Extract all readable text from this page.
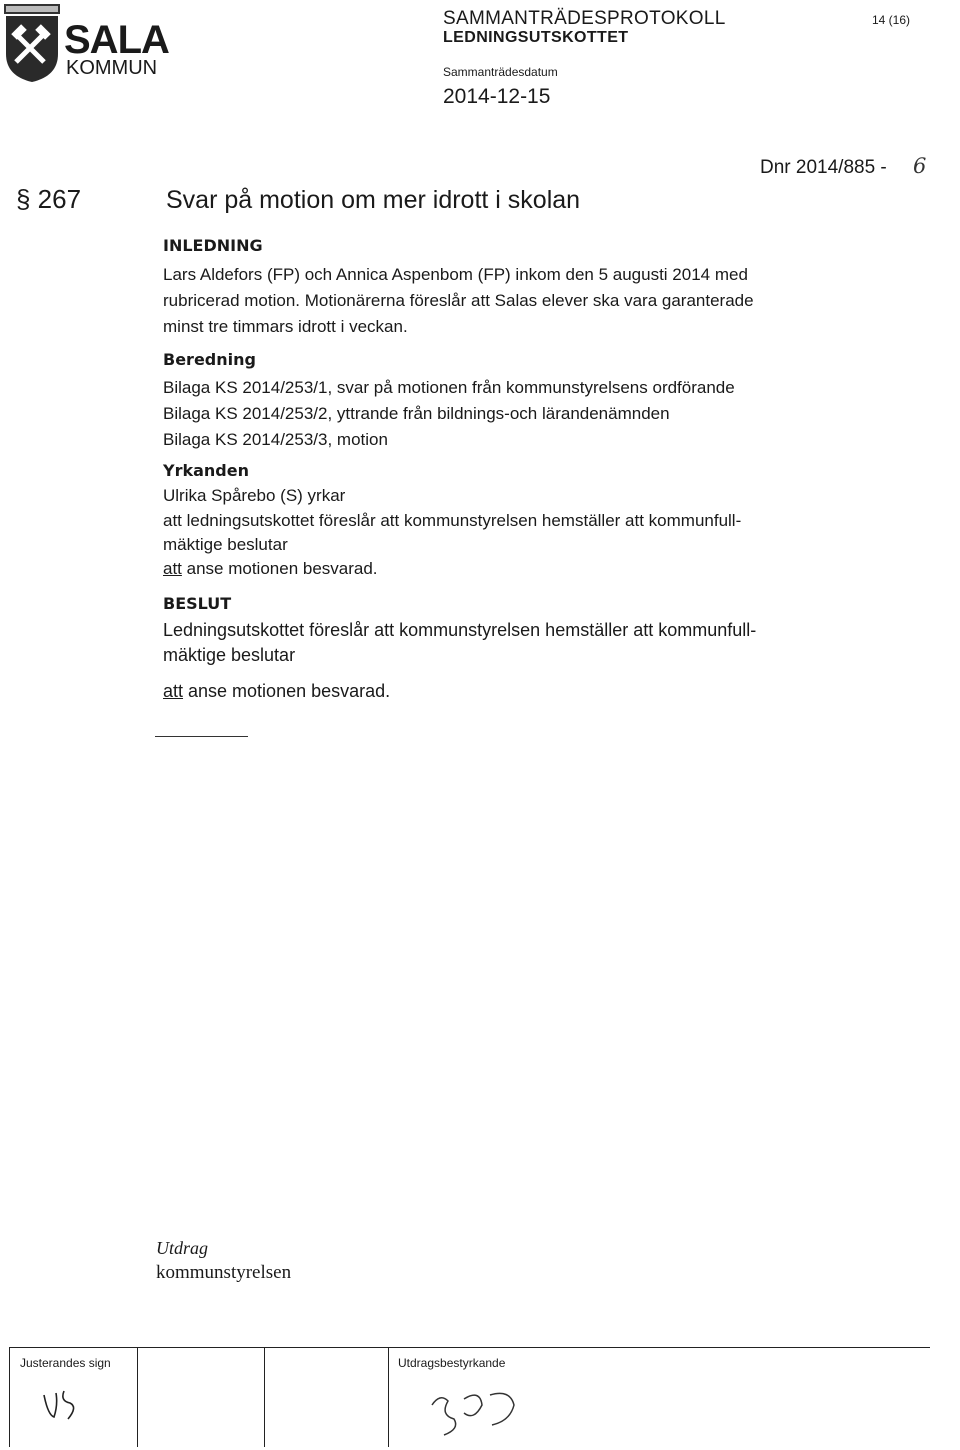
SALA
KOMMUN
SAMMANTRÄDESPROTOKOLL
LEDNINGSUTSKOTTET
Sammanträdesdatum
2014-12-15
14 (16)
Dnr 2014/885 - 6
§ 267	Svar på motion om mer idrott i skolan
INLEDNING
Lars Aldefors (FP) och Annica Aspenbom (FP) inkom den 5 augusti 2014 med
rubricerad motion. Motionärerna föreslår att Salas elever ska vara garanterade
minst tre timmars idrott i veckan.
Beredning
Bilaga KS 2014/253/1, svar på motionen från kommunstyrelsens ordförande
Bilaga KS 2014/253/2, yttrande från bildnings-och lärandenämnden
Bilaga KS 2014/253/3, motion
Yrkanden
Ulrika Spårebo (S) yrkar
att ledningsutskottet föreslår att kommunstyrelsen hemställer att kommunfull-
mäktige beslutar
att anse motionen besvarad.
BESLUT
Ledningsutskottet föreslår att kommunstyrelsen hemställer att kommunfull-
mäktige beslutar
att anse motionen besvarad.
Utdrag
kommunstyrelsen
Justerandes sign	Utdragsbestyrkande
